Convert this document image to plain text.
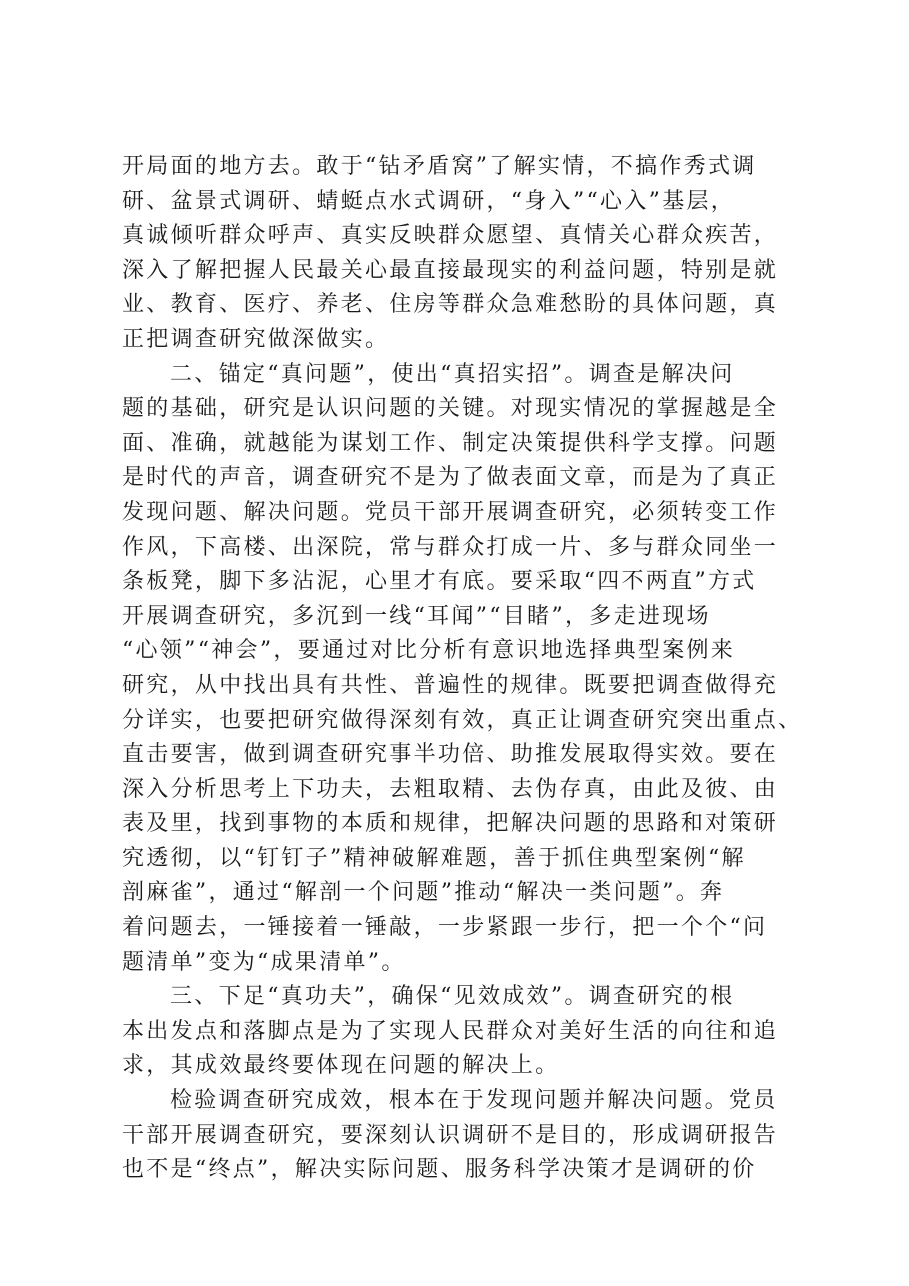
开局面的地方去。敢于“钻矛盾窝”了解实情，不搞作秀式调
研、盆景式调研、蜻蜓点水式调研，“身入”“心入”基层，
真诚倾听群众呼声、真实反映群众愿望、真情关心群众疾苦，
深入了解把握人民最关心最直接最现实的利益问题，特别是就
业、教育、医疗、养老、住房等群众急难愁盼的具体问题，真
正把调查研究做深做实。
二、锚定“真问题”，使出“真招实招”。调查是解决问
题的基础，研究是认识问题的关键。对现实情况的掌握越是全
面、准确，就越能为谋划工作、制定决策提供科学支撑。问题
是时代的声音，调查研究不是为了做表面文章，而是为了真正
发现问题、解决问题。党员干部开展调查研究，必须转变工作
作风，下高楼、出深院，常与群众打成一片、多与群众同坐一
条板凳，脚下多沾泥，心里才有底。要采取“四不两直”方式
开展调查研究，多沉到一线“耳闻”“目睹”，多走进现场
“心领”“神会”，要通过对比分析有意识地选择典型案例来
研究，从中找出具有共性、普遍性的规律。既要把调查做得充
分详实，也要把研究做得深刻有效，真正让调查研究突出重点、
直击要害，做到调查研究事半功倍、助推发展取得实效。要在
深入分析思考上下功夫，去粗取精、去伪存真，由此及彼、由
表及里，找到事物的本质和规律，把解决问题的思路和对策研
究透彻，以“钉钉子”精神破解难题，善于抓住典型案例“解
剖麻雀”，通过“解剖一个问题”推动“解决一类问题”。奔
着问题去，一锤接着一锤敲，一步紧跟一步行，把一个个“问
题清单”变为“成果清单”。
三、下足“真功夫”，确保“见效成效”。调查研究的根
本出发点和落脚点是为了实现人民群众对美好生活的向往和追
求，其成效最终要体现在问题的解决上。
检验调查研究成效，根本在于发现问题并解决问题。党员
干部开展调查研究，要深刻认识调研不是目的，形成调研报告
也不是“终点”，解决实际问题、服务科学决策才是调研的价
